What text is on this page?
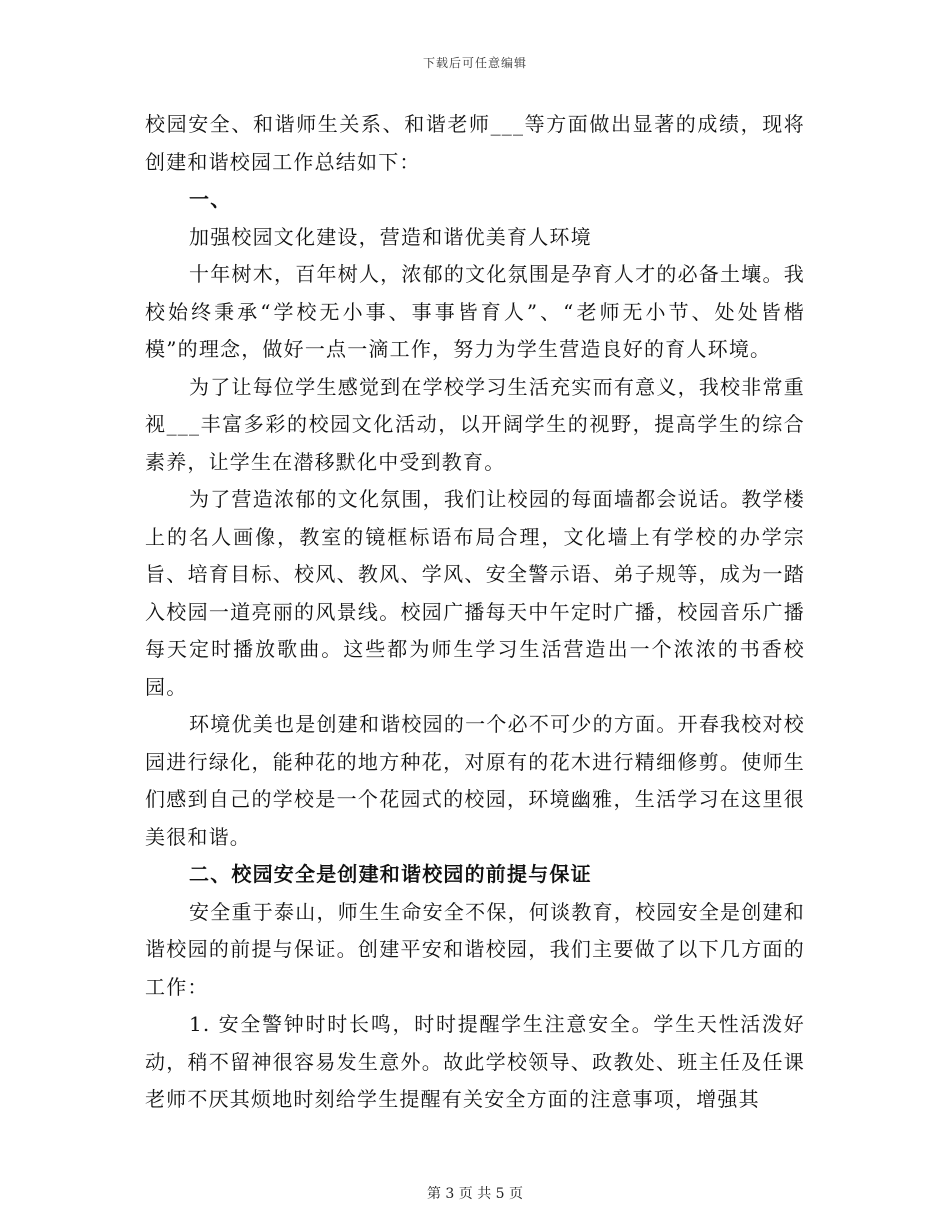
下载后可任意编辑

校园安全、和谐师生关系、和谐老师___等方面做出显著的成绩，现将创建和谐校园工作总结如下：

一、

加强校园文化建设，营造和谐优美育人环境

十年树木，百年树人，浓郁的文化氛围是孕育人才的必备土壤。我校始终秉承“学校无小事、事事皆育人”、“老师无小节、处处皆楷模”的理念，做好一点一滴工作，努力为学生营造良好的育人环境。

为了让每位学生感觉到在学校学习生活充实而有意义，我校非常重视___丰富多彩的校园文化活动，以开阔学生的视野，提高学生的综合素养，让学生在潜移默化中受到教育。

为了营造浓郁的文化氛围，我们让校园的每面墙都会说话。教学楼上的名人画像，教室的镜框标语布局合理，文化墙上有学校的办学宗旨、培育目标、校风、教风、学风、安全警示语、弟子规等，成为一踏入校园一道亮丽的风景线。校园广播每天中午定时广播，校园音乐广播每天定时播放歌曲。这些都为师生学习生活营造出一个浓浓的书香校园。

环境优美也是创建和谐校园的一个必不可少的方面。开春我校对校园进行绿化，能种花的地方种花，对原有的花木进行精细修剪。使师生们感到自己的学校是一个花园式的校园，环境幽雅，生活学习在这里很美很和谐。

二、校园安全是创建和谐校园的前提与保证

安全重于泰山，师生生命安全不保，何谈教育，校园安全是创建和谐校园的前提与保证。创建平安和谐校园，我们主要做了以下几方面的工作：

1. 安全警钟时时长鸣，时时提醒学生注意安全。学生天性活泼好动，稍不留神很容易发生意外。故此学校领导、政教处、班主任及任课老师不厌其烦地时刻给学生提醒有关安全方面的注意事项，增强其

第 3 页 共 5 页
